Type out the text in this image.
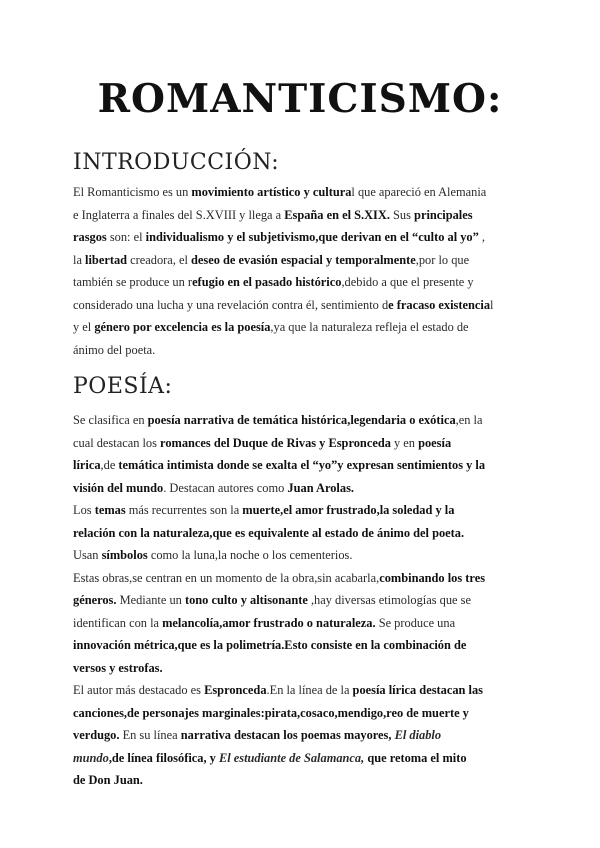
ROMANTICISMO:
INTRODUCCIÓN:
El Romanticismo es un movimiento artístico y cultural que apareció en Alemania
e Inglaterra a finales del S.XVIII y llega a España en el S.XIX. Sus principales
rasgos son: el individualismo y el subjetivismo,que derivan en el “culto al yo” ,
la libertad creadora, el deseo de evasión espacial y temporalmente,por lo que
también se produce un refugio en el pasado histórico,debido a que el presente y
considerado una lucha y una revelación contra él, sentimiento de fracaso existencial
y el género por excelencia es la poesía,ya que la naturaleza refleja el estado de
ánimo del poeta.
POESÍA:
Se clasifica en poesía narrativa de temática histórica,legendaria o exótica,en la
cual destacan los romances del Duque de Rivas y Espronceda y en poesía
lírica,de temática intimista donde se exalta el “yo”y expresan sentimientos y la
visión del mundo. Destacan autores como Juan Arolas.
Los temas más recurrentes son la muerte,el amor frustrado,la soledad y la
relación con la naturaleza,que es equivalente al estado de ánimo del poeta.
Usan símbolos como la luna,la noche o los cementerios.
Estas obras,se centran en un momento de la obra,sin acabarla,combinando los tres
géneros. Mediante un tono culto y altisonante ,hay diversas etimologías que se
identifican con la melancolía,amor frustrado o naturaleza. Se produce una
innovación métrica,que es la polimetría.Esto consiste en la combinación de
versos y estrofas.
El autor más destacado es Espronceda.En la línea de la poesía lírica destacan las
canciones,de personajes marginales:pirata,cosaco,mendigo,reo de muerte y
verdugo. En su línea narrativa destacan los poemas mayores, El diablo
mundo,de línea filosófica, y El estudiante de Salamanca, que retoma el mito
de Don Juan.
